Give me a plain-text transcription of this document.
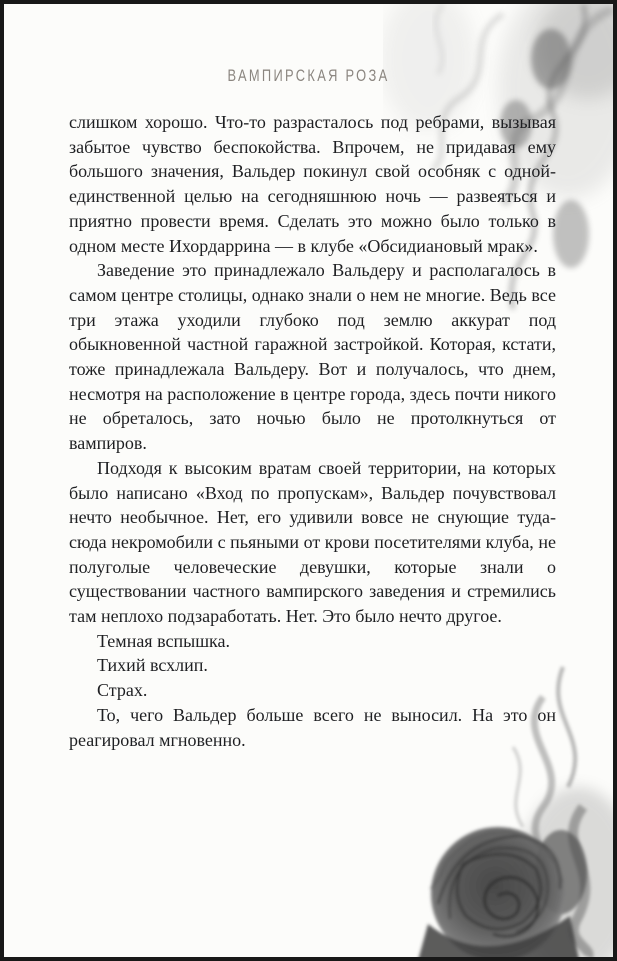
ВАМПИРСКАЯ РОЗА

слишком хорошо. Что-то разрасталось под ребрами, вызывая забытое чувство беспокойства. Впрочем, не придавая ему большого значения, Вальдер покинул свой особняк с одной-единственной целью на сегодняшнюю ночь — развеяться и приятно провести время. Сделать это можно было только в одном месте Ихордаррина — в клубе «Обсидиановый мрак».

Заведение это принадлежало Вальдеру и располагалось в самом центре столицы, однако знали о нем не многие. Ведь все три этажа уходили глубоко под землю аккурат под обыкновенной частной гаражной застройкой. Которая, кстати, тоже принадлежала Вальдеру. Вот и получалось, что днем, несмотря на расположение в центре города, здесь почти никого не обреталось, зато ночью было не протолкнуться от вампиров.

Подходя к высоким вратам своей территории, на которых было написано «Вход по пропускам», Вальдер почувствовал нечто необычное. Нет, его удивили вовсе не снующие туда-сюда некромобили с пьяными от крови посетителями клуба, не полуголые человеческие девушки, которые знали о существовании частного вампирского заведения и стремились там неплохо подзаработать. Нет. Это было нечто другое.

Темная вспышка.

Тихий всхлип.

Страх.

То, чего Вальдер больше всего не выносил. На это он реагировал мгновенно.
